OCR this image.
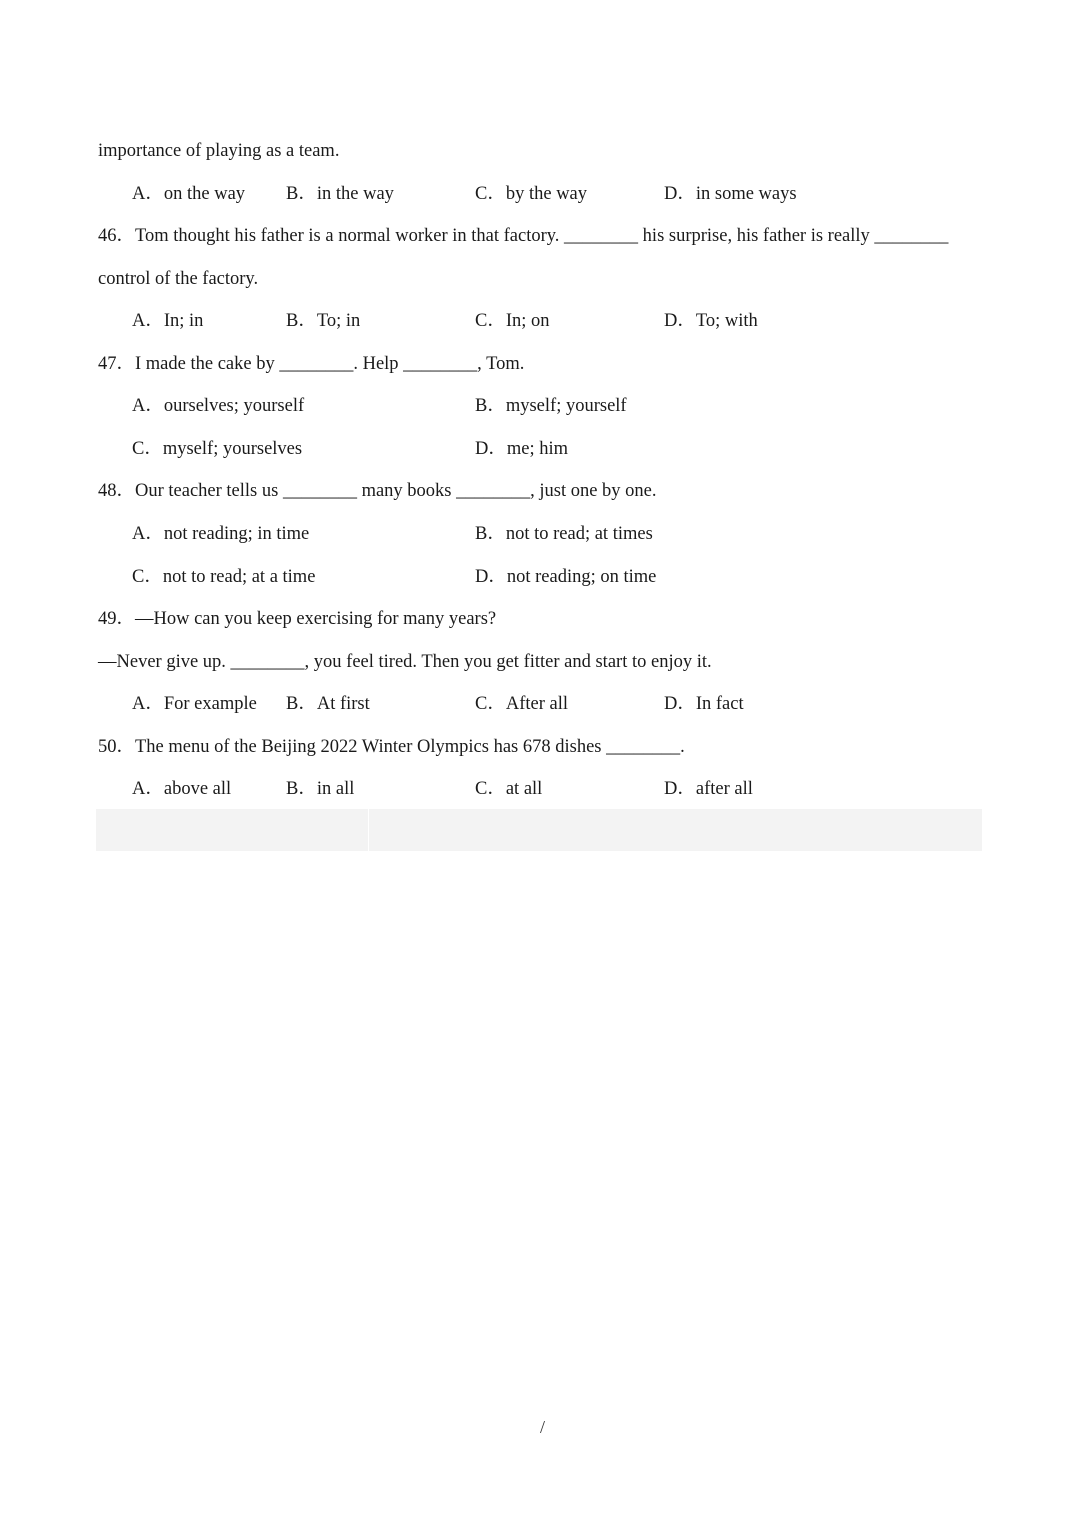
importance of playing as a team.
A．on the way B．in the way	C．by the way	D．in some ways
46．Tom thought his father is a normal worker in that factory. ________ his surprise, his father is really ________
control of the factory.
A．In; in	B．To; in	C．In; on	D．To; with
47．I made the cake by ________. Help ________, Tom.
A．ourselves; yourself	B．myself; yourself
C．myself; yourselves	D．me; him
48．Our teacher tells us ________ many books ________, just one by one.
A．not reading; in time	B．not to read; at times
C．not to read; at a time	D．not reading; on time
49．—How can you keep exercising for many years?
—Never give up. ________, you feel tired. Then you get fitter and start to enjoy it.
A．For example B．At first	C．After all	D．In fact
50．The menu of the Beijing 2022 Winter Olympics has 678 dishes ________.
A．above all	B．in all	C．at all	D．after all
/
